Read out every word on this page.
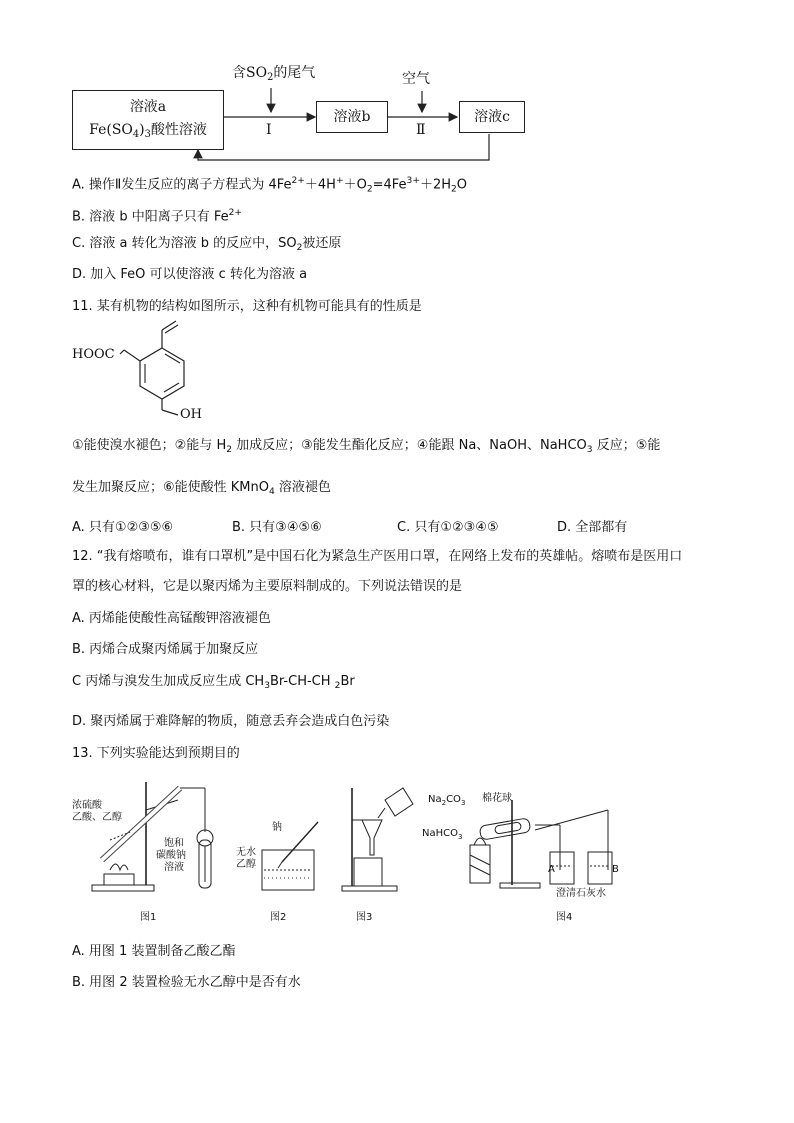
溶液a
$Fe(SO_4)_3$酸性溶液
溶液b	溶液c
含$SO_2$的尾气	空气
Ⅰ	Ⅱ
A. 操作Ⅱ发生反应的离子方程式为 $4Fe^{2+}+4H^++O_2=4Fe^{3+}+2H_2O$
B. 溶液 b 中阳离子只有 $Fe^{2+}$
C. 溶液 a 转化为溶液 b 的反应中，$SO_2$被还原
D. 加入 FeO 可以使溶液 c 转化为溶液 a
11. 某有机物的结构如图所示，这种有机物可能具有的性质是
HOOC
OH
①能使溴水褪色；②能与 $H_2$ 加成反应；③能发生酯化反应；④能跟 Na、NaOH、NaHCO$_3$ 反应；⑤能
发生加聚反应；⑥能使酸性 KMnO$_4$ 溶液褪色
A. 只有①②③⑤⑥	B. 只有③④⑤⑥	C. 只有①②③④⑤	D. 全部都有
12. “我有熔喷布，谁有口罩机”是中国石化为紧急生产医用口罩，在网络上发布的英雄帖。熔喷布是医用口
罩的核心材料，它是以聚丙烯为主要原料制成的。下列说法错误的是
A. 丙烯能使酸性高锰酸钾溶液褪色
B. 丙烯合成聚丙烯属于加聚反应
C 丙烯与溴发生加成反应生成 $CH_3Br-CH-CH$ $_2$Br
D. 聚丙烯属于难降解的物质，随意丢弃会造成白色污染
13. 下列实验能达到预期目的
浓硫酸
乙酸、乙醇
饱和
碳酸钠
溶液
图1
钠
无水
乙醇
图2	图3
$Na_2CO_3$ 棉花球
NaHCO$_3$
A	B
澄清石灰水
图4
A. 用图 1 装置制备乙酸乙酯
B. 用图 2 装置检验无水乙醇中是否有水
